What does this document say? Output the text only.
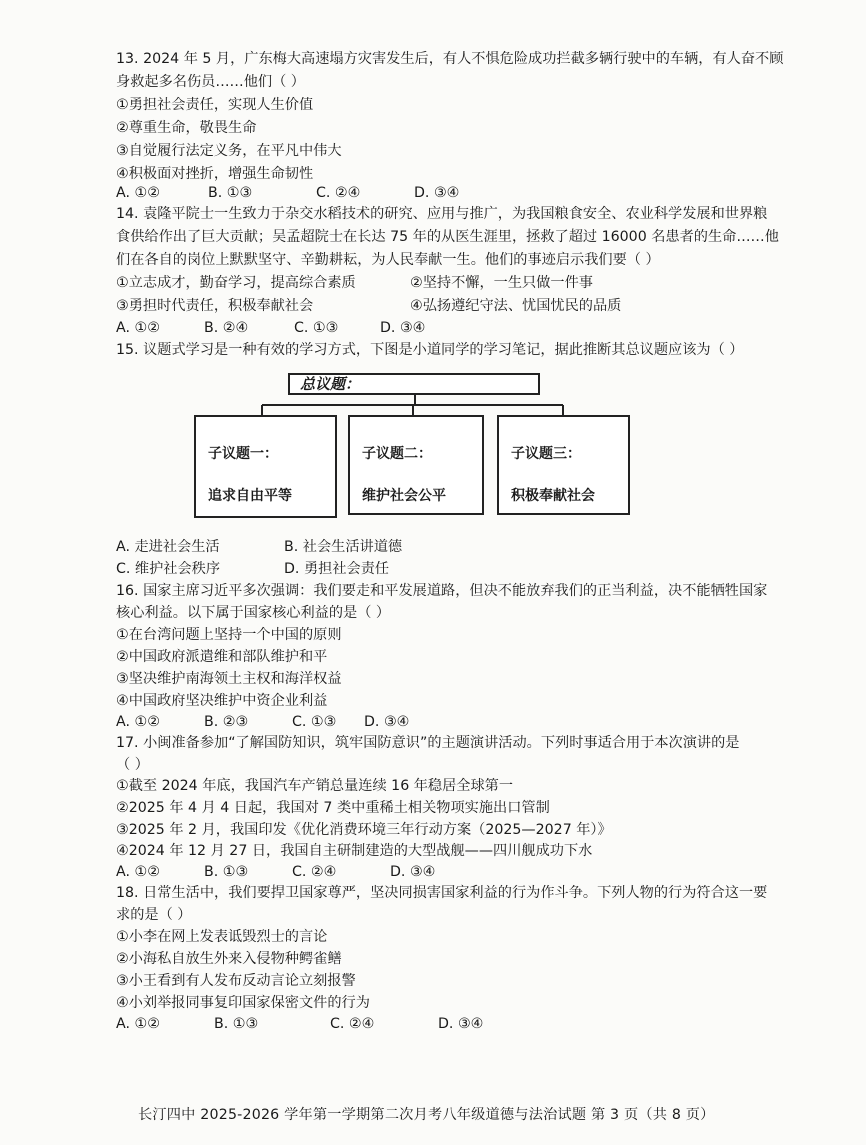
13. 2024 年 5 月，广东梅大高速塌方灾害发生后，有人不惧危险成功拦截多辆行驶中的车辆，有人奋不顾
身救起多名伤员……他们（ ）
①勇担社会责任，实现人生价值
②尊重生命，敬畏生命
③自觉履行法定义务，在平凡中伟大
④积极面对挫折，增强生命韧性
A. ①②	B. ①③	C. ②④	D. ③④
14. 袁隆平院士一生致力于杂交水稻技术的研究、应用与推广，为我国粮食安全、农业科学发展和世界粮
食供给作出了巨大贡献；吴孟超院士在长达 75 年的从医生涯里，拯救了超过 16000 名患者的生命……他
们在各自的岗位上默默坚守、辛勤耕耘，为人民奉献一生。他们的事迹启示我们要（ ）
①立志成才，勤奋学习，提高综合素质	②坚持不懈，一生只做一件事
③勇担时代责任，积极奉献社会	④弘扬遵纪守法、忧国忧民的品质
A. ①②	B. ②④	C. ①③	D. ③④
15. 议题式学习是一种有效的学习方式，下图是小道同学的学习笔记，据此推断其总议题应该为（ ）
总议题：
子议题一：
追求自由平等
子议题二：
维护社会公平
子议题三：
积极奉献社会
A. 走进社会生活	B. 社会生活讲道德
C. 维护社会秩序	D. 勇担社会责任
16. 国家主席习近平多次强调：我们要走和平发展道路，但决不能放弃我们的正当利益，决不能牺牲国家
核心利益。以下属于国家核心利益的是（ ）
①在台湾问题上坚持一个中国的原则
②中国政府派遣维和部队维护和平
③坚决维护南海领土主权和海洋权益
④中国政府坚决维护中资企业利益
A. ①②	B. ②③	C. ①③	D. ③④
17. 小闽准备参加“了解国防知识，筑牢国防意识”的主题演讲活动。下列时事适合用于本次演讲的是
（ ）
①截至 2024 年底，我国汽车产销总量连续 16 年稳居全球第一
②2025 年 4 月 4 日起，我国对 7 类中重稀土相关物项实施出口管制
③2025 年 2 月，我国印发《优化消费环境三年行动方案（2025—2027 年）》
④2024 年 12 月 27 日，我国自主研制建造的大型战舰——四川舰成功下水
A. ①②	B. ①③	C. ②④	D. ③④
18. 日常生活中，我们要捍卫国家尊严，坚决同损害国家利益的行为作斗争。下列人物的行为符合这一要
求的是（ ）
①小李在网上发表诋毁烈士的言论
②小海私自放生外来入侵物种鳄雀鳝
③小王看到有人发布反动言论立刻报警
④小刘举报同事复印国家保密文件的行为
A. ①②	B. ①③	C. ②④	D. ③④
长汀四中 2025-2026 学年第一学期第二次月考八年级道德与法治试题 第 3 页（共 8 页）
